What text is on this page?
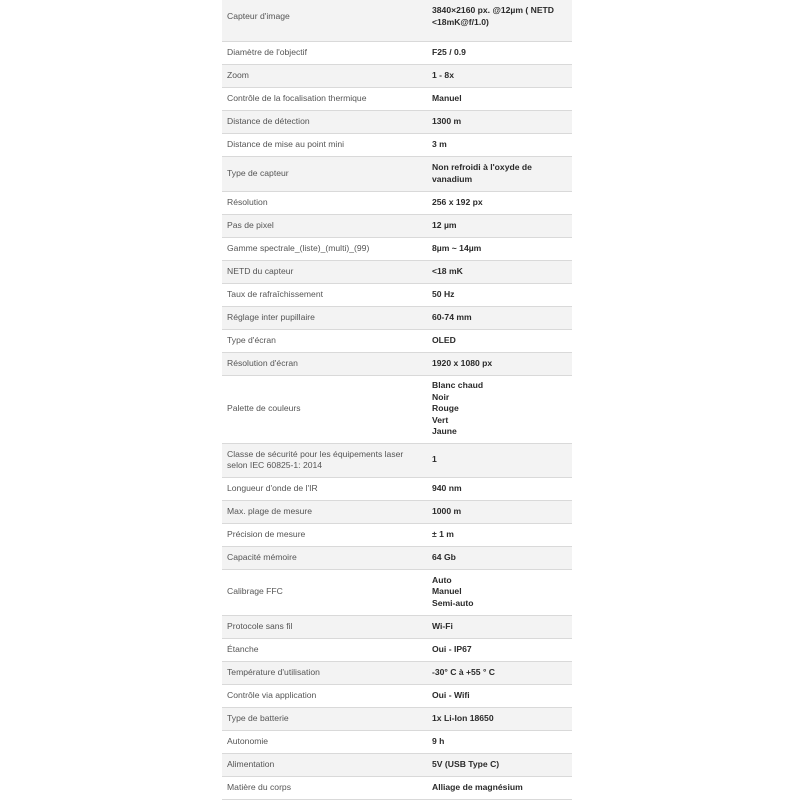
Capteur d'image	3840×2160 px. @12µm ( NETD <18mK@f/1.0)

Diamètre de l'objectif	F25 / 0.9

Zoom	1 - 8x

Contrôle de la focalisation thermique	Manuel

Distance de détection	1300 m

Distance de mise au point mini	3 m

Type de capteur	Non refroidi à l'oxyde de vanadium

Résolution	256 x 192 px

Pas de pixel	12 µm

Gamme spectrale_(liste)_(multi)_(99)	8µm ~ 14µm

NETD du capteur	<18 mK

Taux de rafraîchissement	50 Hz

Réglage inter pupillaire	60-74 mm

Type d'écran	OLED

Résolution d'écran	1920 x 1080 px

Palette de couleurs	Blanc chaud
Noir
Rouge
Vert
Jaune

Classe de sécurité pour les équipements laser selon IEC 60825-1: 2014	1

Longueur d'onde de l'IR	940 nm

Max. plage de mesure	1000 m

Précision de mesure	± 1 m

Capacité mémoire	64 Gb

Calibrage FFC	Auto
Manuel
Semi-auto

Protocole sans fil	Wi-Fi

Étanche	Oui - IP67

Température d'utilisation	-30° C à +55 ° C

Contrôle via application	Oui - Wifi

Type de batterie	1x Li-Ion 18650

Autonomie	9 h

Alimentation	5V (USB Type C)

Matière du corps	Alliage de magnésium
